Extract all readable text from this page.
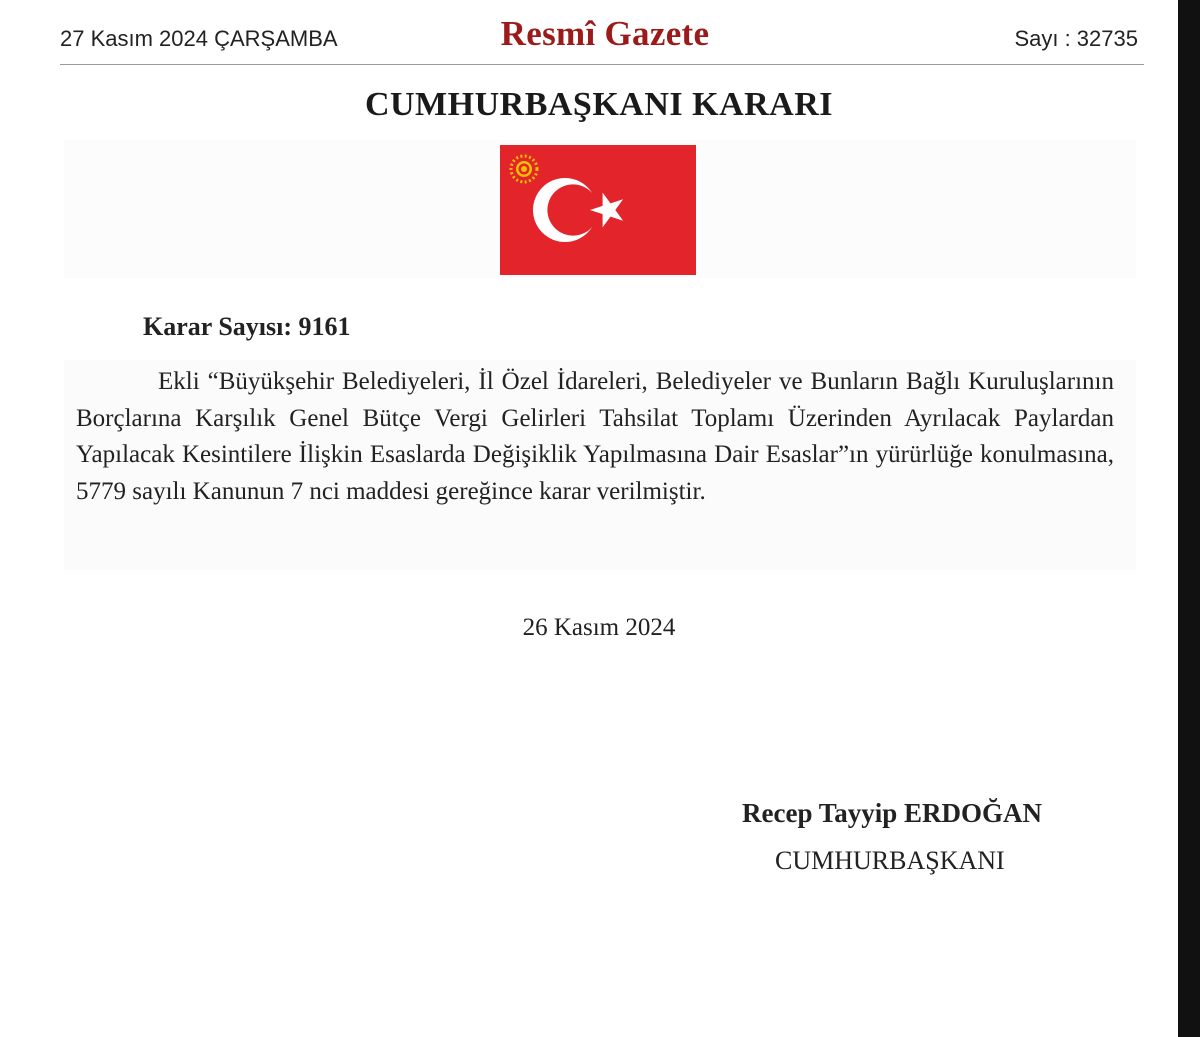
27 Kasım 2024 ÇARŞAMBA	Resmî Gazete	Sayı : 32735
CUMHURBAŞKANI KARARI
Karar Sayısı: 9161

Ekli “Büyükşehir Belediyeleri, İl Özel İdareleri, Belediyeler ve Bunların Bağlı Kuruluşlarının Borçlarına Karşılık Genel Bütçe Vergi Gelirleri Tahsilat Toplamı Üzerinden Ayrılacak Paylardan Yapılacak Kesintilere İlişkin Esaslarda Değişiklik Yapılmasına Dair Esaslar”ın yürürlüğe konulmasına, 5779 sayılı Kanunun 7 nci maddesi gereğince karar verilmiştir.

26 Kasım 2024
Recep Tayyip ERDOĞAN
CUMHURBAŞKANI
